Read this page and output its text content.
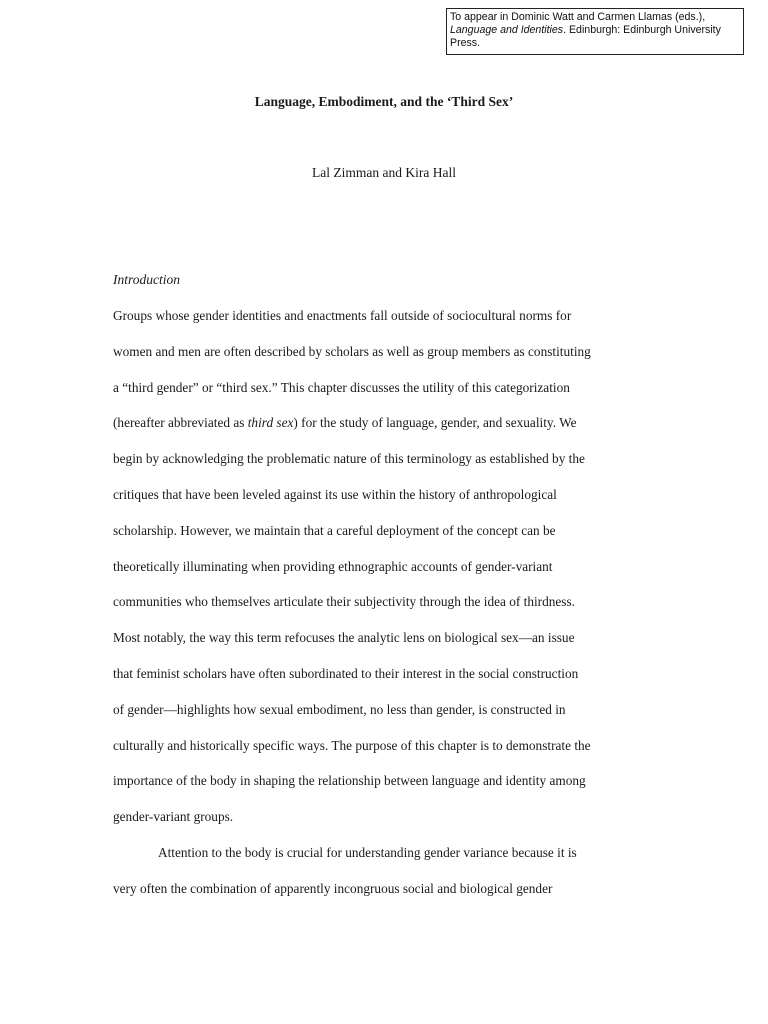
To appear in Dominic Watt and Carmen Llamas (eds.), Language and Identities. Edinburgh: Edinburgh University Press.
Language, Embodiment, and the ‘Third Sex’
Lal Zimman and Kira Hall
Introduction
Groups whose gender identities and enactments fall outside of sociocultural norms for
women and men are often described by scholars as well as group members as constituting
a “third gender” or “third sex.” This chapter discusses the utility of this categorization
(hereafter abbreviated as third sex) for the study of language, gender, and sexuality. We
begin by acknowledging the problematic nature of this terminology as established by the
critiques that have been leveled against its use within the history of anthropological
scholarship. However, we maintain that a careful deployment of the concept can be
theoretically illuminating when providing ethnographic accounts of gender-variant
communities who themselves articulate their subjectivity through the idea of thirdness.
Most notably, the way this term refocuses the analytic lens on biological sex—an issue
that feminist scholars have often subordinated to their interest in the social construction
of gender—highlights how sexual embodiment, no less than gender, is constructed in
culturally and historically specific ways. The purpose of this chapter is to demonstrate the
importance of the body in shaping the relationship between language and identity among
gender-variant groups.
Attention to the body is crucial for understanding gender variance because it is
very often the combination of apparently incongruous social and biological gender
